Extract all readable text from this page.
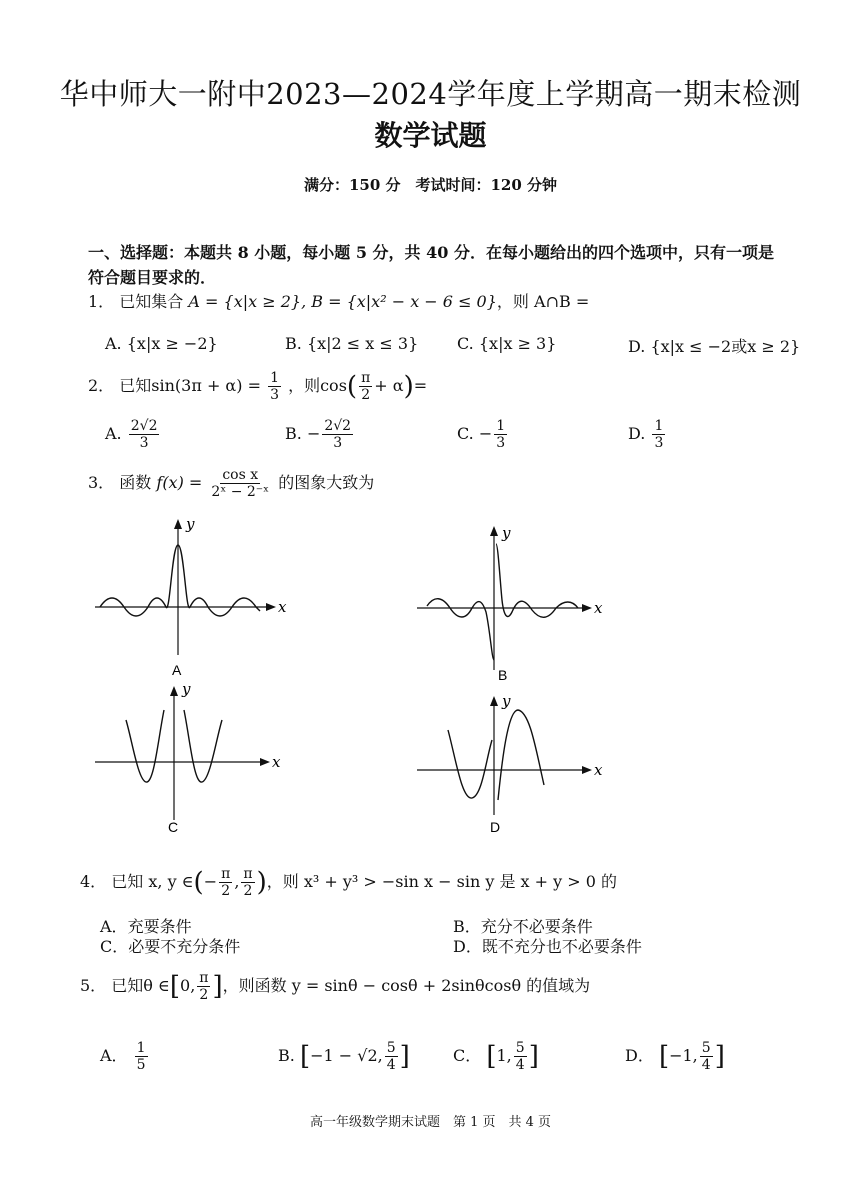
华中师大一附中2023—2024学年度上学期高一期末检测
数学试题
满分：150 分　考试时间：120 分钟
一、选择题：本题共 8 小题，每小题 5 分，共 40 分．在每小题给出的四个选项中，只有一项是符合题目要求的．
1． 已知集合 A = {x|x ≥ 2}, B = {x|x² − x − 6 ≤ 0}，则 A∩B =
A. {x|x ≥ −2}	B. {x|2 ≤ x ≤ 3} C. {x|x ≥ 3}	D. {x|x ≤ −2或x ≥ 2}
2． 已知$\sin(3\pi + \alpha) = \frac{1}{3}$ ，则$\cos( \frac{\pi}{2} + \alpha)=$
A. $\frac{2√2}{3}$	B. − $\frac{2√2}{3}$	C. − $\frac{1}{3}$	D. $\frac{1}{3}$
3． 函数 $f(x) = \frac{\text{cos x}}{\text{2ˣ − 2⁻ˣ}}$ 的图象大致为
y
x
A
y
x
B
y
x
C
y
x
D
4． 已知 x, y ∈(− $\frac{\pi}{2}$ , $\frac{\pi}{2}$ )，则 x³ + y³ > −sin x − sin y 是 x + y > 0 的
A．充要条件	B．充分不必要条件
C．必要不充分条件	D．既不充分也不必要条件
5． 已知θ ∈[0, $\frac{\pi}{2}$ ]，则函数 y = sinθ − cosθ + 2sinθcosθ 的值域为
A． $\frac{1}{5}$	B. [−1 − √2, $\frac{5}{4}$ ]	C． [1, $\frac{5}{4}$ ]	D． [−1, $\frac{5}{4}$ ]
高一年级数学期末试题　第 1 页　共 4 页
